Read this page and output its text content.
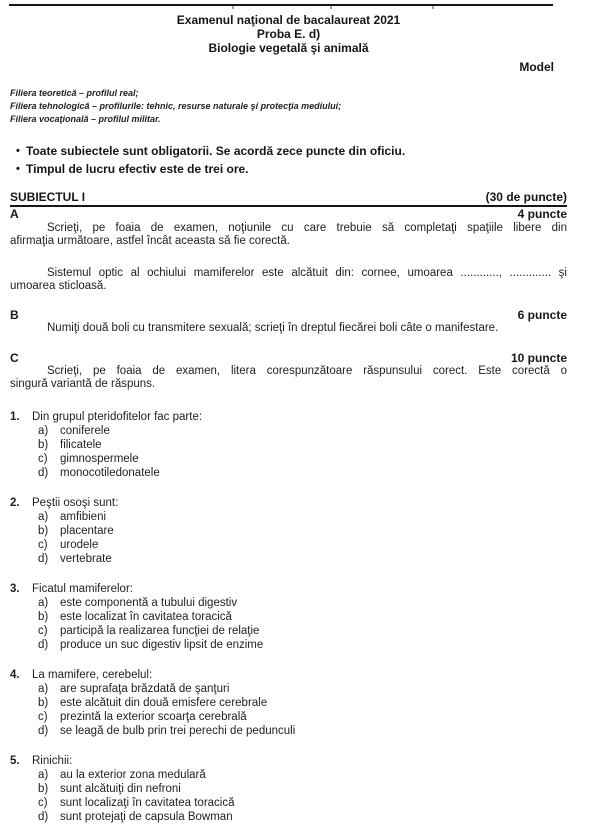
Examenul naţional de bacalaureat 2021
Proba E. d)
Biologie vegetală şi animală
Model
Filiera teoretică – profilul real;
Filiera tehnologică – profilurile: tehnic, resurse naturale şi protecţia mediului;
Filiera vocaţională – profilul militar.
• Toate subiectele sunt obligatorii. Se acordă zece puncte din oficiu.
• Timpul de lucru efectiv este de trei ore.
SUBIECTUL I	(30 de puncte)
A	4 puncte
Scrieţi, pe foaia de examen, noţiunile cu care trebuie să completaţi spaţiile libere din
afirmaţia următoare, astfel încât aceasta să fie corectă.
Sistemul optic al ochiului mamiferelor este alcătuit din: cornee, umoarea ............, ............. şi
umoarea sticloasă.
B	6 puncte
Numiţi două boli cu transmitere sexuală; scrieţi în dreptul fiecărei boli câte o manifestare.
C	10 puncte
Scrieţi, pe foaia de examen, litera corespunzătoare răspunsului corect. Este corectă o
singură variantă de răspuns.
1.	Din grupul pteridofitelor fac parte:
a)	coniferele
b)	filicatele
c)	gimnospermele
d)	monocotiledonatele
2.	Peştii osoşi sunt:
a)	amfibieni
b)	placentare
c)	urodele
d)	vertebrate
3.	Ficatul mamiferelor:
a)	este componentă a tubului digestiv
b)	este localizat în cavitatea toracică
c)	participă la realizarea funcţiei de relaţie
d)	produce un suc digestiv lipsit de enzime
4.	La mamifere, cerebelul:
a)	are suprafaţa brăzdată de şanţuri
b)	este alcătuit din două emisfere cerebrale
c)	prezintă la exterior scoarţa cerebrală
d)	se leagă de bulb prin trei perechi de pedunculi
5.	Rinichii:
a)	au la exterior zona medulară
b)	sunt alcătuiţi din nefroni
c)	sunt localizaţi în cavitatea toracică
d)	sunt protejaţi de capsula Bowman
